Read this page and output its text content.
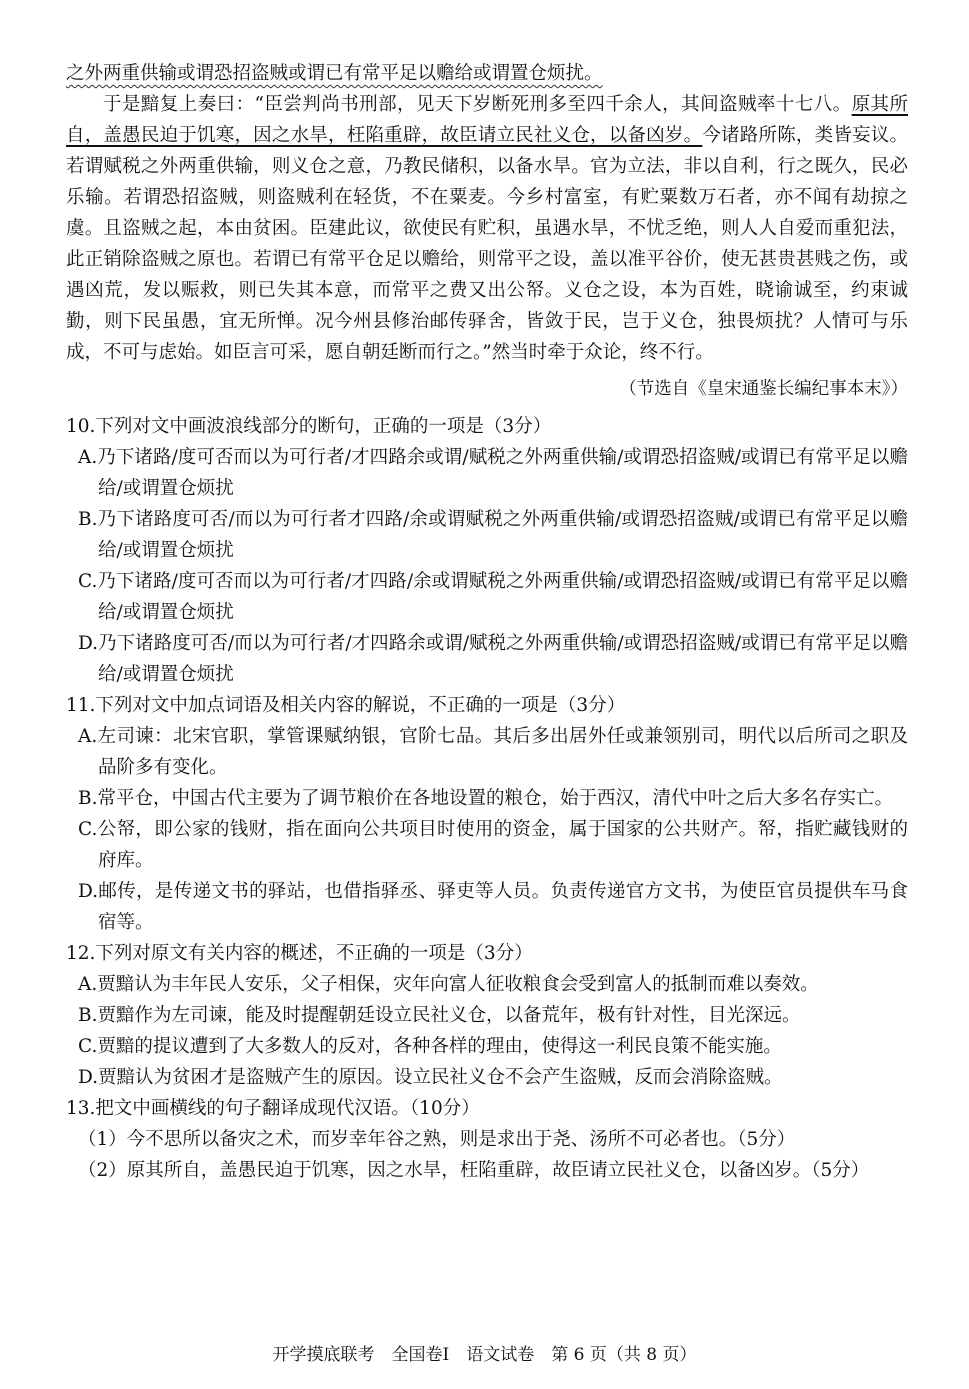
之外两重供输或谓恐招盗贼或谓已有常平足以赡给或谓置仓烦扰。

于是黯复上奏曰：“臣尝判尚书刑部，见天下岁断死刑多至四千余人，其间盗贼率十七八。原其所自，盖愚民迫于饥寒，因之水旱，枉陷重辟，故臣请立民社义仓，以备凶岁。今诸路所陈，类皆妄议。若谓赋税之外两重供输，则义仓之意，乃教民储积，以备水旱。官为立法，非以自利，行之既久，民必乐输。若谓恐招盗贼，则盗贼利在轻货，不在粟麦。今乡村富室，有贮粟数万石者，亦不闻有劫掠之虞。且盗贼之起，本由贫困。臣建此议，欲使民有贮积，虽遇水旱，不忧乏绝，则人人自爱而重犯法，此正销除盗贼之原也。若谓已有常平仓足以赡给，则常平之设，盖以准平谷价，使无甚贵甚贱之伤，或遇凶荒，发以赈救，则已失其本意，而常平之费又出公帑。义仓之设，本为百姓，晓谕诚至，约束诚勤，则下民虽愚，宜无所惮。况今州县修治邮传驿舍，皆敛于民，岂于义仓，独畏烦扰？人情可与乐成，不可与虑始。如臣言可采，愿自朝廷断而行之。”然当时牵于众论，终不行。

（节选自《皇宋通鉴长编纪事本末》）

10.下列对文中画波浪线部分的断句，正确的一项是（3分）

A.乃下诸路/度可否而以为可行者/才四路余或谓/赋税之外两重供输/或谓恐招盗贼/或谓已有常平足以赡给/或谓置仓烦扰

B.乃下诸路度可否/而以为可行者才四路/余或谓赋税之外两重供输/或谓恐招盗贼/或谓已有常平足以赡给/或谓置仓烦扰

C.乃下诸路/度可否而以为可行者/才四路/余或谓赋税之外两重供输/或谓恐招盗贼/或谓已有常平足以赡给/或谓置仓烦扰

D.乃下诸路度可否/而以为可行者/才四路余或谓/赋税之外两重供输/或谓恐招盗贼/或谓已有常平足以赡给/或谓置仓烦扰

11.下列对文中加点词语及相关内容的解说，不正确的一项是（3分）

A.左司谏：北宋官职，掌管课赋纳银，官阶七品。其后多出居外任或兼领别司，明代以后所司之职及品阶多有变化。

B.常平仓，中国古代主要为了调节粮价在各地设置的粮仓，始于西汉，清代中叶之后大多名存实亡。

C.公帑，即公家的钱财，指在面向公共项目时使用的资金，属于国家的公共财产。帑，指贮藏钱财的府库。

D.邮传，是传递文书的驿站，也借指驿丞、驿吏等人员。负责传递官方文书，为使臣官员提供车马食宿等。

12.下列对原文有关内容的概述，不正确的一项是（3分）

A.贾黯认为丰年民人安乐，父子相保，灾年向富人征收粮食会受到富人的抵制而难以奏效。

B.贾黯作为左司谏，能及时提醒朝廷设立民社义仓，以备荒年，极有针对性，目光深远。

C.贾黯的提议遭到了大多数人的反对，各种各样的理由，使得这一利民良策不能实施。

D.贾黯认为贫困才是盗贼产生的原因。设立民社义仓不会产生盗贼，反而会消除盗贼。

13.把文中画横线的句子翻译成现代汉语。（10分）

（1）今不思所以备灾之术，而岁幸年谷之熟，则是求出于尧、汤所不可必者也。（5分）

（2）原其所自，盖愚民迫于饥寒，因之水旱，枉陷重辟，故臣请立民社义仓，以备凶岁。（5分）

开学摸底联考　全国卷Ⅰ　语文试卷　第 6 页（共 8 页）
